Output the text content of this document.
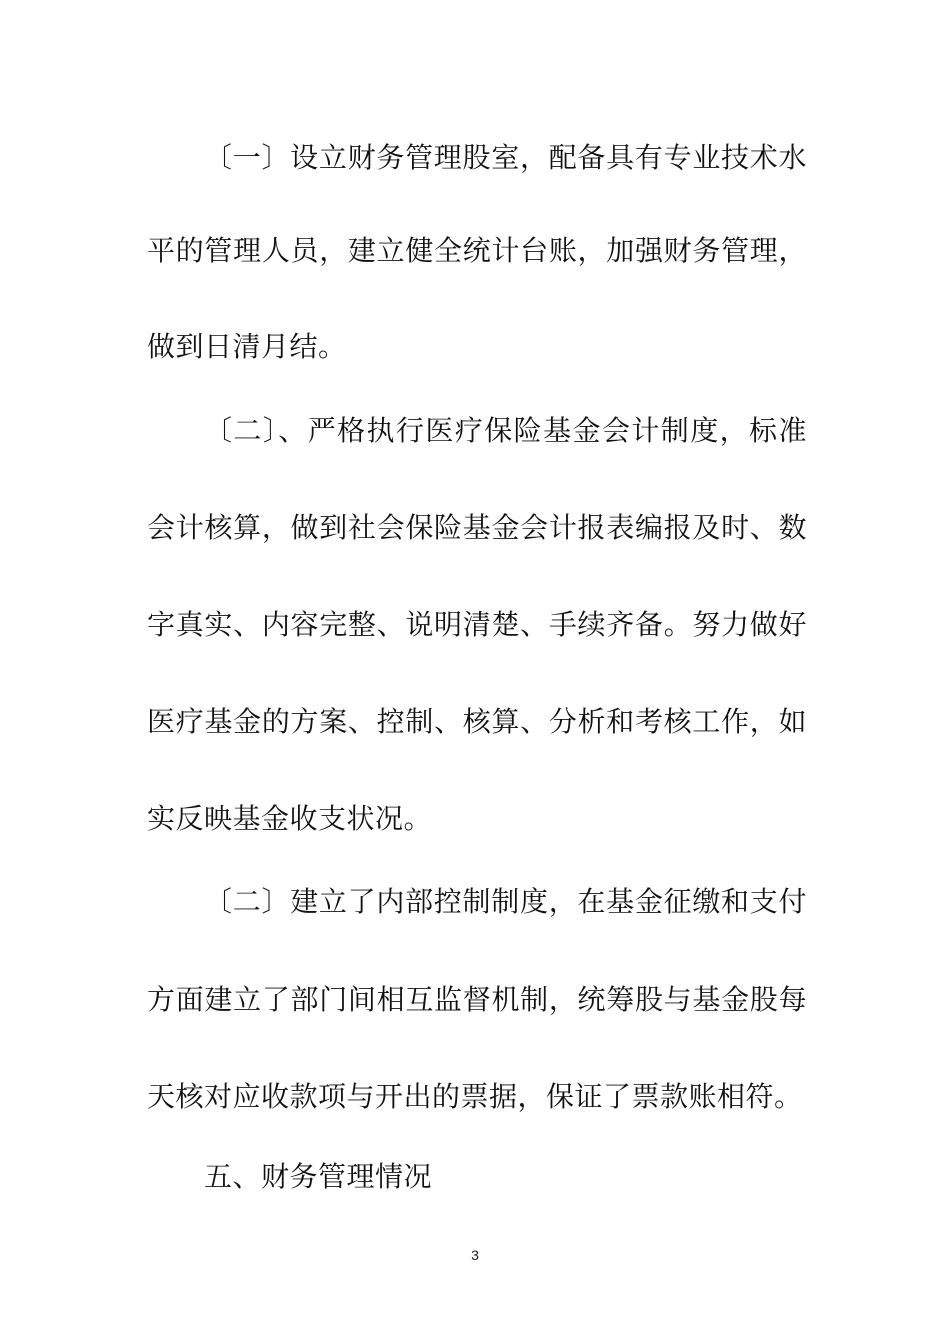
〔一〕设立财务管理股室，配备具有专业技术水
平的管理人员，建立健全统计台账，加强财务管理，
做到日清月结。
〔二〕、严格执行医疗保险基金会计制度，标准
会计核算，做到社会保险基金会计报表编报及时、数
字真实、内容完整、说明清楚、手续齐备。努力做好
医疗基金的方案、控制、核算、分析和考核工作，如
实反映基金收支状况。
〔二〕建立了内部控制制度，在基金征缴和支付
方面建立了部门间相互监督机制，统筹股与基金股每
天核对应收款项与开出的票据，保证了票款账相符。
五、财务管理情况
3
